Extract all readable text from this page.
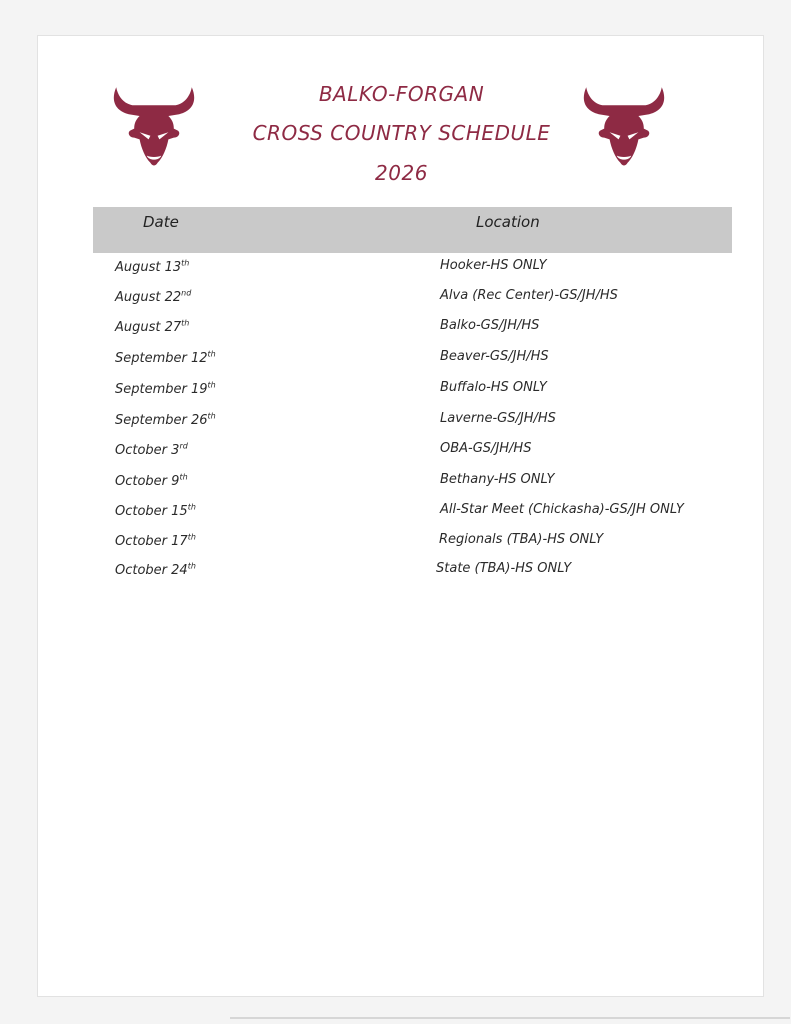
BALKO-FORGAN
CROSS COUNTRY SCHEDULE
2026
Date	Location
August 13th	Hooker-HS ONLY
August 22nd	Alva (Rec Center)-GS/JH/HS
August 27th	Balko-GS/JH/HS
September 12th	Beaver-GS/JH/HS
September 19th	Buffalo-HS ONLY
September 26th	Laverne-GS/JH/HS
October 3rd	OBA-GS/JH/HS
October 9th	Bethany-HS ONLY
October 15th	All-Star Meet (Chickasha)-GS/JH ONLY
October 17th	Regionals (TBA)-HS ONLY
October 24th	State (TBA)-HS ONLY
